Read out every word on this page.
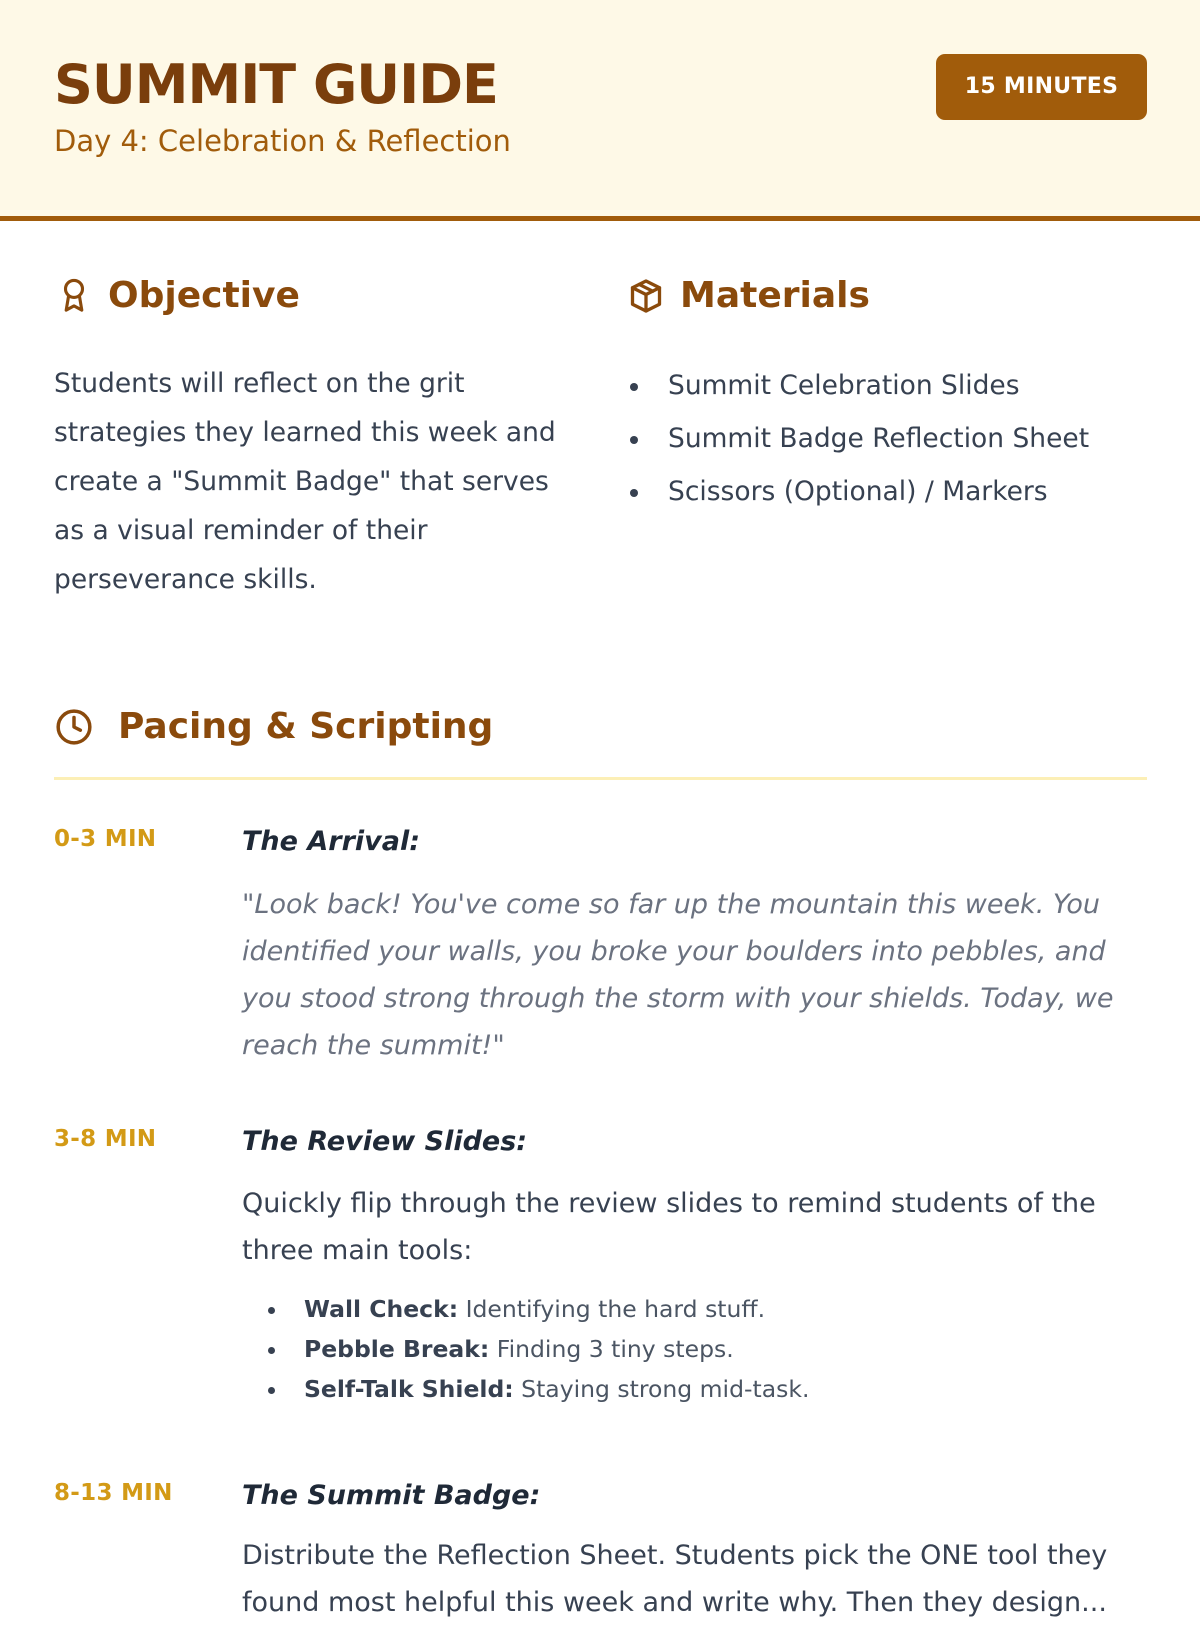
SUMMIT GUIDE
Day 4: Celebration & Reflection
15 MINUTES
Objective

Students will reflect on the grit strategies they learned this week and create a "Summit Badge" that serves as a visual reminder of their perseverance skills.

Materials
Summit Celebration Slides
Summit Badge Reflection Sheet
Scissors (Optional) / Markers
Pacing & Scripting
0-3 MIN	The Arrival:

"Look back! You've come so far up the mountain this week. You identified your walls, you broke your boulders into pebbles, and you stood strong through the storm with your shields. Today, we reach the summit!"

3-8 MIN	The Review Slides:

Quickly flip through the review slides to remind students of the three main tools:

Wall Check: Identifying the hard stuff.
Pebble Break: Finding 3 tiny steps.
Self-Talk Shield: Staying strong mid-task.
8-13 MIN	The Summit Badge:

Distribute the Reflection Sheet. Students pick the ONE tool they found most helpful this week and write why. Then they design...
